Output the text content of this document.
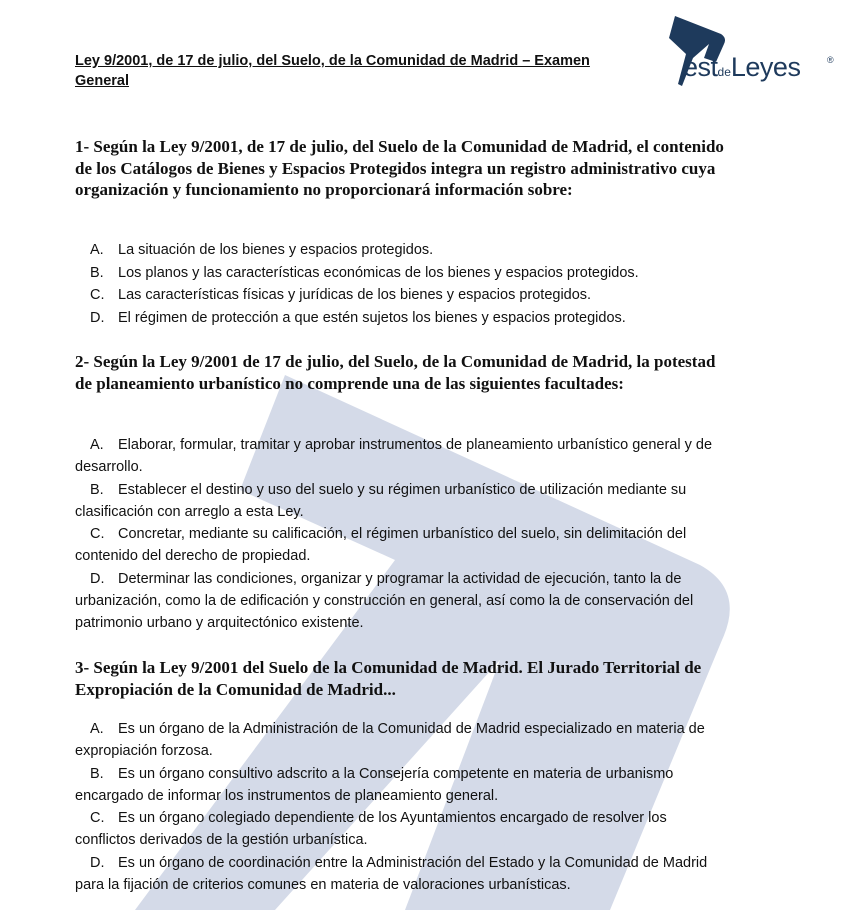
Ley 9/2001, de 17 de julio, del Suelo, de la Comunidad de Madrid – Examen General	estdeLeyes	®

1- Según la Ley 9/2001, de 17 de julio, del Suelo de la Comunidad de Madrid, el contenido de los Catálogos de Bienes y Espacios Protegidos integra un registro administrativo cuya organización y funcionamiento no proporcionará información sobre:

A. La situación de los bienes y espacios protegidos.
B. Los planos y las características económicas de los bienes y espacios protegidos.
C. Las características físicas y jurídicas de los bienes y espacios protegidos.
D. El régimen de protección a que estén sujetos los bienes y espacios protegidos.

2- Según la Ley 9/2001 de 17 de julio, del Suelo, de la Comunidad de Madrid, la potestad de planeamiento urbanístico no comprende una de las siguientes facultades:

A. Elaborar, formular, tramitar y aprobar instrumentos de planeamiento urbanístico general y de desarrollo.
B. Establecer el destino y uso del suelo y su régimen urbanístico de utilización mediante su clasificación con arreglo a esta Ley.
C. Concretar, mediante su calificación, el régimen urbanístico del suelo, sin delimitación del contenido del derecho de propiedad.
D. Determinar las condiciones, organizar y programar la actividad de ejecución, tanto la de urbanización, como la de edificación y construcción en general, así como la de conservación del patrimonio urbano y arquitectónico existente.

3- Según la Ley 9/2001 del Suelo de la Comunidad de Madrid. El Jurado Territorial de Expropiación de la Comunidad de Madrid...

A. Es un órgano de la Administración de la Comunidad de Madrid especializado en materia de expropiación forzosa.
B. Es un órgano consultivo adscrito a la Consejería competente en materia de urbanismo encargado de informar los instrumentos de planeamiento general.
C. Es un órgano colegiado dependiente de los Ayuntamientos encargado de resolver los conflictos derivados de la gestión urbanística.
D. Es un órgano de coordinación entre la Administración del Estado y la Comunidad de Madrid para la fijación de criterios comunes en materia de valoraciones urbanísticas.
